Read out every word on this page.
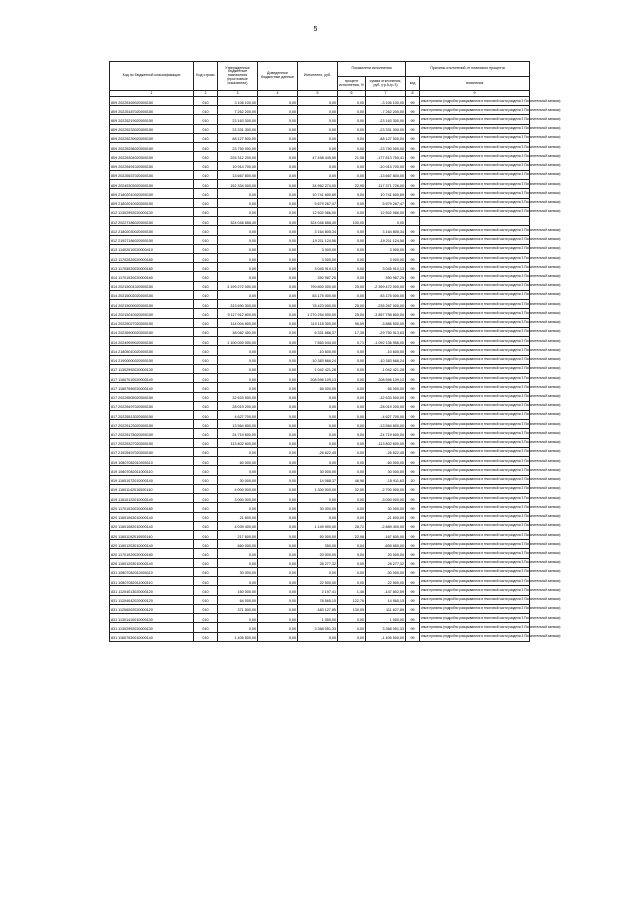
5
Код по бюджетной классификации	Код строки	Утвержденные бюджетные назначения (прогнозные показатели)	Доведенные бюджетные данные	Исполнено, руб.	Показатели исполнения		Причины отклонений от планового процента	
					процент исполнения, %	сумма отклонения, руб. (гр.5-гр.3)	код	пояснения
1	2	3	4	5	6	7	8	9
809 20225169020000150	010	3 106 100,00	0,00	0,00	0,00	-3 106 100,00	99	иные причины (подробно раскрываются в текстовой части раздела 3 Пояснительной записки)
809 20225187020000150	010	7 262 200,00	0,00	0,00	0,00	-7 262 200,00	99	иные причины (подробно раскрываются в текстовой части раздела 3 Пояснительной записки)
809 20225219020000150	010	23 163 300,00	0,00	0,00	0,00	-23 163 300,00	99	иные причины (подробно раскрываются в текстовой части раздела 3 Пояснительной записки)
809 20225233020000150	010	23 331 300,00	0,00	0,00	0,00	-23 331 300,00	99	иные причины (подробно раскрываются в текстовой части раздела 3 Пояснительной записки)
809 20225239020000150	010	88 127 500,00	0,00	0,00	0,00	-88 127 500,00	99	иные причины (подробно раскрываются в текстовой части раздела 3 Пояснительной записки)
809 20225256020000150	010	23 750 000,00	0,00	0,00	0,00	-23 750 000,00	99	иные причины (подробно раскрываются в текстовой части раздела 3 Пояснительной записки)
809 20225304020000150	010	225 312 200,00	0,00	47 498 449,59	21,08	-177 813 750,41	99	иные причины (подробно раскрываются в текстовой части раздела 3 Пояснительной записки)
809 20225491020000150	010	10 914 700,00	0,00	0,00	0,00	-10 914 700,00	99	иные причины (подробно раскрываются в текстовой части раздела 3 Пояснительной записки)
809 20225537020000150	010	13 667 800,00	0,00	0,00	0,00	-13 667 800,00	99	иные причины (подробно раскрываются в текстовой части раздела 3 Пояснительной записки)
809 20245303020000150	010	152 334 000,00	0,00	34 962 274,00	22,95	-117 371 726,00	99	иные причины (подробно раскрываются в текстовой части раздела 3 Пояснительной записки)
809 21802010020000150	010	0,00	0,00	10 741 600,69	0,00	10 741 600,69	99	иные причины (подробно раскрываются в текстовой части раздела 3 Пояснительной записки)
809 21802010020000150	010	0,00	0,00	5 679 267,47	0,00	5 679 267,47	99	иные причины (подробно раскрываются в текстовой части раздела 3 Пояснительной записки)
812 11302992020000130	010	0,00	0,00	12 502 066,00	0,00	12 502 066,00	99	иные причины (подробно раскрываются в текстовой части раздела 3 Пояснительной записки)
812 20227186020000150	010	324 046 656,40	0,00	324 046 656,40	100,00	0,00		
812 21802030020000150	010	0,00	0,00	3 164 805,34	0,00	3 164 805,34	99	иные причины (подробно раскрываются в текстовой части раздела 3 Пояснительной записки)
812 21927186020000150	010	0,00	0,00	-19 211 124,56	0,00	-19 211 124,56	99	иные причины (подробно раскрываются в текстовой части раздела 3 Пояснительной записки)
813 11402010020000410	010	0,00	0,00	3 000,00	0,00	3 000,00	99	иные причины (подробно раскрываются в текстовой части раздела 3 Пояснительной записки)
813 11702020020000180	010	0,00	0,00	3 000,00	0,00	3 000,00	99	иные причины (подробно раскрываются в текстовой части раздела 3 Пояснительной записки)
813 11705020020000180	010	0,00	0,00	3 045 910,13	0,00	3 045 910,13	99	иные причины (подробно раскрываются в текстовой части раздела 3 Пояснительной записки)
814 11701020020000180	010	0,00	0,00	350 987,25	0,00	350 987,25	99	иные причины (подробно раскрываются в текстовой части раздела 3 Пояснительной записки)
814 20215001020000150	010	3 199 272 000,00	0,00	799 800 000,00	25,00	-2 399 472 000,00	99	иные причины (подробно раскрываются в текстовой части раздела 3 Пояснительной записки)
814 20215002020000150	010	0,00	0,00	83 175 000,00	0,00	83 175 000,00	99	иные причины (подробно раскрываются в текстовой части раздела 3 Пояснительной записки)
814 20215009020000150	010	313 690 300,00	0,00	78 423 000,00	25,00	-235 267 000,00	99	иные причины (подробно раскрываются в текстовой части раздела 3 Пояснительной записки)
814 20215010020000150	010	5 117 912 800,00	0,00	1 270 254 000,00	25,00	-3 857 758 800,00	99	иные причины (подробно раскрываются в текстовой части раздела 3 Пояснительной записки)
814 20225027020000150	010	114 004 800,00	0,00	110 118 300,00	96,59	-3 886 500,00	99	иные причины (подробно раскрываются в текстовой части раздела 3 Пояснительной записки)
814 20235900020000150	010	38 082 400,00	0,00	6 331 886,37	17,35	-29 750 513,63	99	иные причины (подробно раскрываются в текстовой части раздела 3 Пояснительной записки)
814 20249999020000150	010	1 100 000 000,00	0,00	7 863 044,00	0,71	-1 092 136 956,00	99	иные причины (подробно раскрываются в текстовой части раздела 3 Пояснительной записки)
814 21805010020000150	010	0,00	0,00	-10 600,00	0,00	-10 600,00	99	иные причины (подробно раскрываются в текстовой части раздела 3 Пояснительной записки)
814 21900000020000150	010	0,00	0,00	-10 383 666,24	0,00	-10 383 666,24	99	иные причины (подробно раскрываются в текстовой части раздела 3 Пояснительной записки)
817 11302992020000130	010	0,00	0,00	1 042 421,28	0,00	1 042 421,28	99	иные причины (подробно раскрываются в текстовой части раздела 3 Пояснительной записки)
817 11607010020000140	010	0,00	0,00	208 596 109,13	0,00	208 596 109,13	99	иные причины (подробно раскрываются в текстовой части раздела 3 Пояснительной записки)
817 11607090020000140	010	0,00	0,00	65 000,00	0,00	65 000,00	99	иные причины (подробно раскрываются в текстовой части раздела 3 Пояснительной записки)
817 20225505020000150	010	32 633 500,00	0,00	0,00	0,00	-32 633 500,00	99	иные причины (подробно раскрываются в текстовой части раздела 3 Пояснительной записки)
817 20225497020000150	010	28 019 200,00	0,00	0,00	0,00	-28 019 200,00	99	иные причины (подробно раскрываются в текстовой части раздела 3 Пояснительной записки)
817 20225513020000150	010	4 627 700,00	0,00	0,00	0,00	-4 627 700,00	99	иные причины (подробно раскрываются в текстовой части раздела 3 Пояснительной записки)
817 20225123020000150	010	13 564 800,00	0,00	0,00	0,00	-13 564 800,00	99	иные причины (подробно раскрываются в текстовой части раздела 3 Пояснительной записки)
817 20225178020000150	010	24 719 600,00	0,00	0,00	0,00	-24 719 600,00	99	иные причины (подробно раскрываются в текстовой части раздела 3 Пояснительной записки)
817 20225327020000150	010	113 802 600,00	0,00	0,00	0,00	-113 802 600,00	99	иные причины (подробно раскрываются в текстовой части раздела 3 Пояснительной записки)
817 21925497020000150	010	0,00	0,00	-26 622,45	0,00	-26 622,45	99	иные причины (подробно раскрываются в текстовой части раздела 3 Пояснительной записки)
819 10807082010000110	010	60 000,00	0,00	0,00	0,00	-60 000,00	99	иные причины (подробно раскрываются в текстовой части раздела 3 Пояснительной записки)
819 10807082011000110	010	0,00	0,00	30 000,00	0,00	30 000,00	99	иные причины (подробно раскрываются в текстовой части раздела 3 Пояснительной записки)
819 11601072010000140	010	30 000,00	0,00	14 088,37	46,96	-15 911,63	20	иные причины (подробно раскрываются в текстовой части раздела 3 Пояснительной записки)
819 11601142010000140	010	4 000 000,00	0,00	1 300 000,00	32,50	-2 700 000,00	99	иные причины (подробно раскрываются в текстовой части раздела 3 Пояснительной записки)
819 11610122010000140	010	3 000 000,00	0,00	0,00	0,00	-3 000 000,00	99	иные причины (подробно раскрываются в текстовой части раздела 3 Пояснительной записки)
820 11701020020000180	010	0,00	0,00	30 000,00	0,00	30 000,00	99	иные причины (подробно раскрываются в текстовой части раздела 3 Пояснительной записки)
820 11601063010000140	010	21 600,00	0,00	0,00	0,00	-21 600,00	99	иные причины (подробно раскрываются в текстовой части раздела 3 Пояснительной записки)
820 11601082010000140	010	4 039 400,00	0,00	1 149 900,00	28,72	-2 889 400,00	99	иные причины (подробно раскрываются в текстовой части раздела 3 Пояснительной записки)
820 11601192010000140	010	217 600,00	0,00	50 000,00	22,98	-167 600,00	99	иные причины (подробно раскрываются в текстовой части раздела 3 Пояснительной записки)
820 11601203010000140	010	660 000,00	0,00	350,00	0,04	-659 650,00	99	иные причины (подробно раскрываются в текстовой части раздела 3 Пояснительной записки)
820 11701020020000180	010	0,00	0,00	20 000,00	0,00	20 000,00	99	иные причины (подробно раскрываются в текстовой части раздела 3 Пояснительной записки)
826 11601203010000140	010	0,00	0,00	28 277,32	0,00	28 277,32	99	иные причины (подробно раскрываются в текстовой части раздела 3 Пояснительной записки)
831 10807082010000110	010	30 000,00	0,00	0,00	0,00	-30 000,00	99	иные причины (подробно раскрываются в текстовой части раздела 3 Пояснительной записки)
831 10807082011000110	010	0,00	0,00	22 500,00	0,00	22 500,00	99	иные причины (подробно раскрываются в текстовой части раздела 3 Пояснительной записки)
831 11204013020000120	010	150 000,00	0,00	2 197,41	1,46	-147 802,59	99	иные причины (подробно раскрываются в текстовой части раздела 3 Пояснительной записки)
831 11204042020000120	010	64 000,00	0,00	78 565,15	122,76	14 565,15	99	иные причины (подробно раскрываются в текстовой части раздела 3 Пояснительной записки)
831 11206002020000120	010	371 500,00	0,00	483 127,85	130,05	111 627,85	99	иные причины (подробно раскрываются в текстовой части раздела 3 Пояснительной записки)
831 11301410010000130	010	0,00	0,00	1 050,00	0,00	1 050,00	99	иные причины (подробно раскрываются в текстовой части раздела 3 Пояснительной записки)
831 11302992020000130	010	0,00	0,00	3 368 051,33	0,00	3 368 051,33	99	иные причины (подробно раскрываются в текстовой части раздела 3 Пояснительной записки)
831 11607020010000140	010	1 405 500,00	0,00	0,00	0,00	-1 405 500,00	99	иные причины (подробно раскрываются в текстовой части раздела 3 Пояснительной записки)
